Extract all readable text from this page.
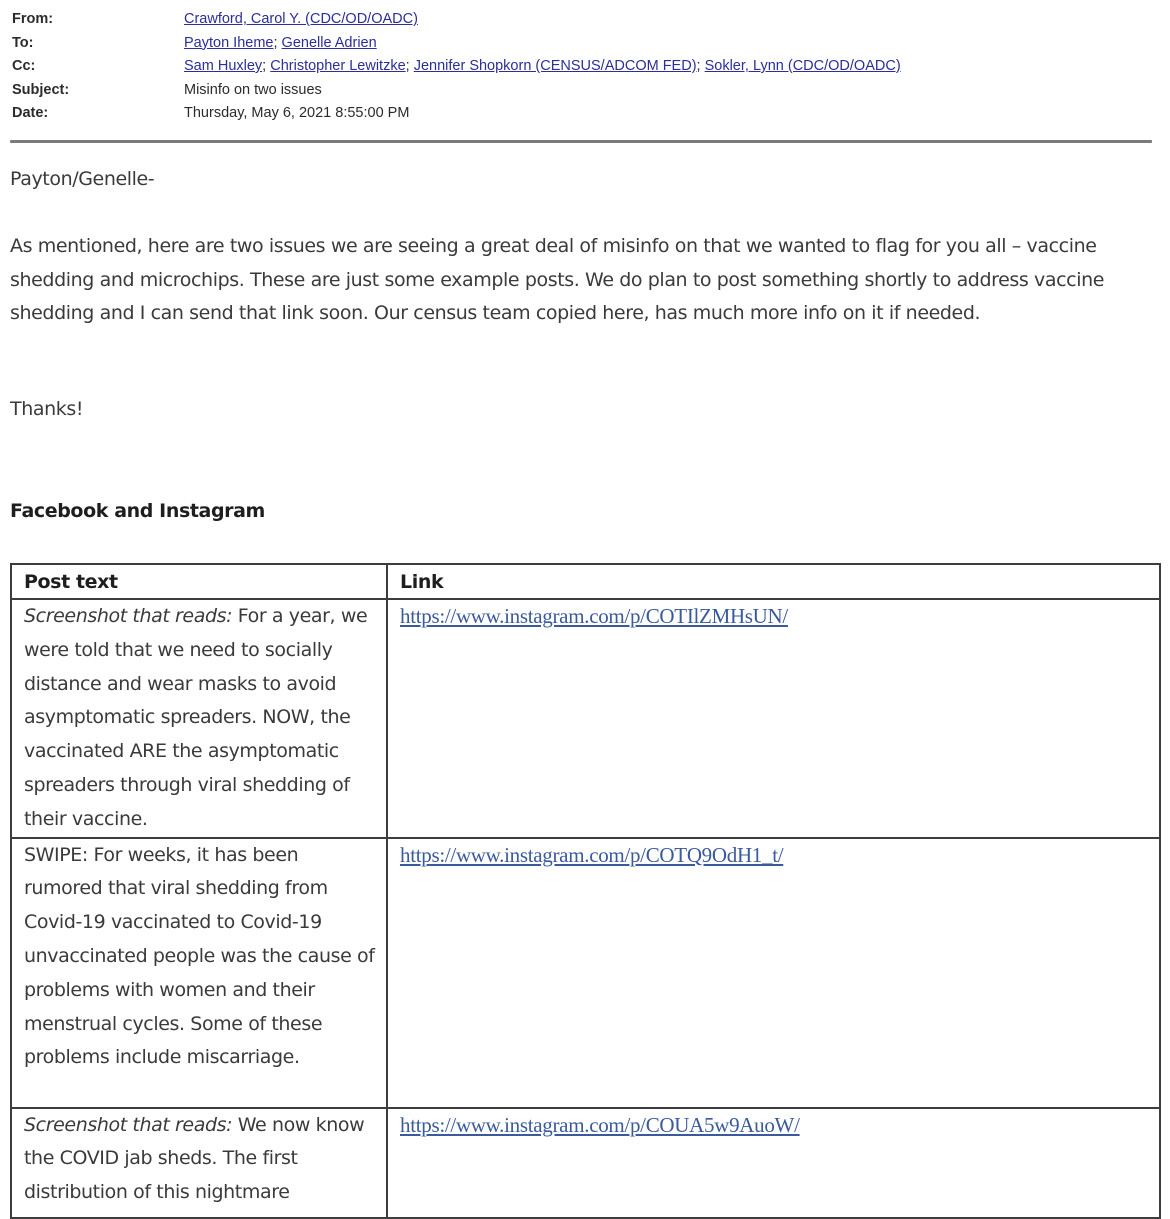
From:	Crawford, Carol Y. (CDC/OD/OADC)
To:	Payton Iheme; Genelle Adrien
Cc:	Sam Huxley; Christopher Lewitzke; Jennifer Shopkorn (CENSUS/ADCOM FED); Sokler, Lynn (CDC/OD/OADC)
Subject:	Misinfo on two issues
Date:	Thursday, May 6, 2021 8:55:00 PM
Payton/Genelle-
As mentioned, here are two issues we are seeing a great deal of misinfo on that we wanted to flag for you all – vaccine shedding and microchips. These are just some example posts. We do plan to post something shortly to address vaccine shedding and I can send that link soon. Our census team copied here, has much more info on it if needed.
Thanks!
Facebook and Instagram
Post text	Link
Screenshot that reads: For a year, we were told that we need to socially distance and wear masks to avoid asymptomatic spreaders. NOW, the vaccinated ARE the asymptomatic spreaders through viral shedding of their vaccine.	https://www.instagram.com/p/COTIlZMHsUN/
SWIPE: For weeks, it has been rumored that viral shedding from Covid-19 vaccinated to Covid-19 unvaccinated people was the cause of problems with women and their menstrual cycles. Some of these problems include miscarriage.	https://www.instagram.com/p/COTQ9OdH1_t/
Screenshot that reads: We now know the COVID jab sheds. The first distribution of this nightmare	https://www.instagram.com/p/COUA5w9AuoW/
